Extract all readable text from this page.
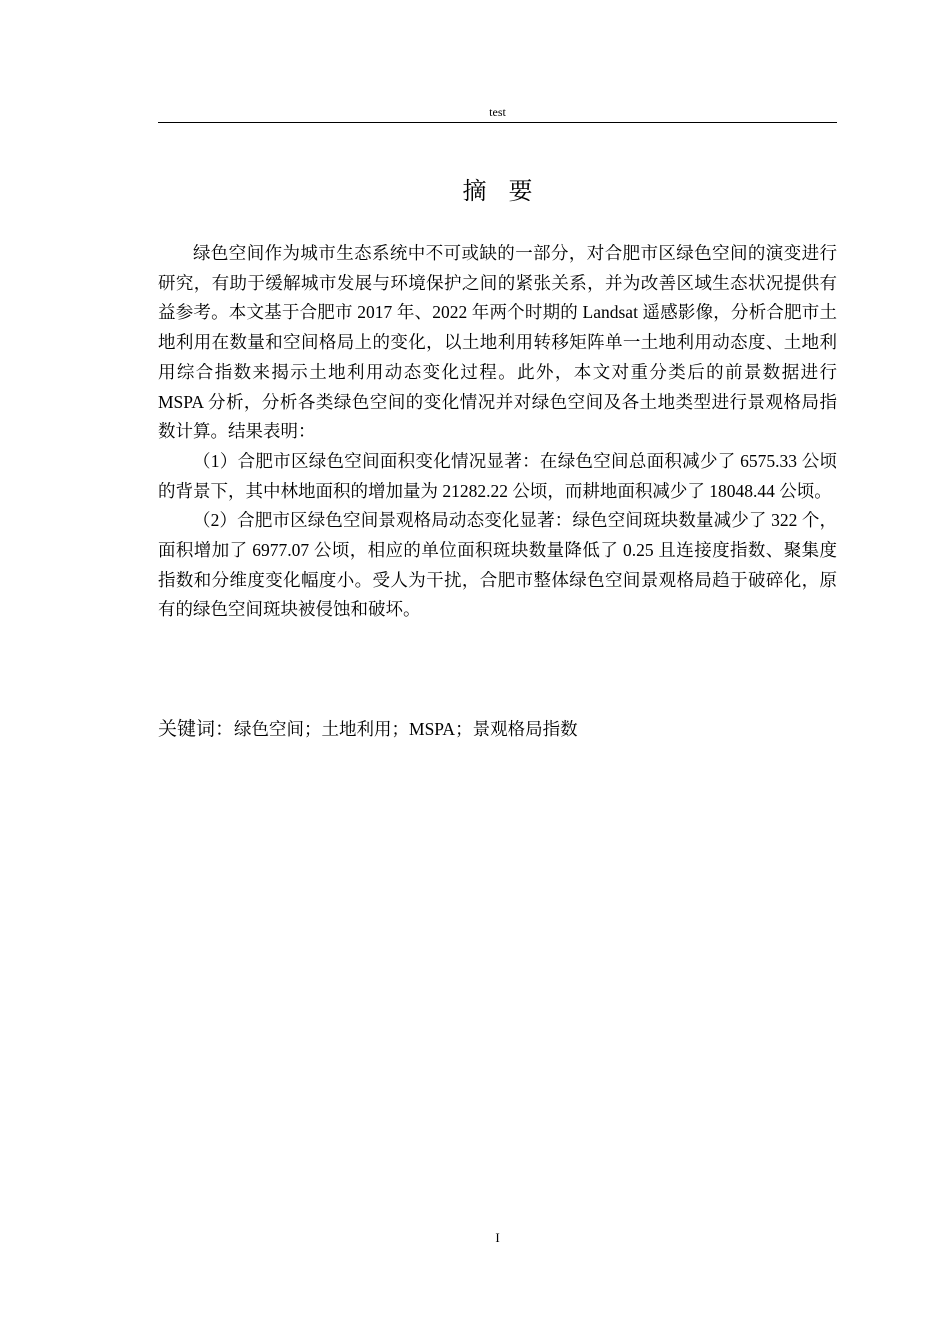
test
摘要

绿色空间作为城市生态系统中不可或缺的一部分，对合肥市区绿色空间的演变进行研究，有助于缓解城市发展与环境保护之间的紧张关系，并为改善区域生态状况提供有益参考。本文基于合肥市 2017 年、2022 年两个时期的 Landsat 遥感影像，分析合肥市土地利用在数量和空间格局上的变化，以土地利用转移矩阵单一土地利用动态度、土地利用综合指数来揭示土地利用动态变化过程。此外，本文对重分类后的前景数据进行 MSPA 分析，分析各类绿色空间的变化情况并对绿色空间及各土地类型进行景观格局指数计算。结果表明：

（1）合肥市区绿色空间面积变化情况显著：在绿色空间总面积减少了 6575.33 公顷的背景下，其中林地面积的增加量为 21282.22 公顷，而耕地面积减少了 18048.44 公顷。

（2）合肥市区绿色空间景观格局动态变化显著：绿色空间斑块数量减少了 322 个，面积增加了 6977.07 公顷，相应的单位面积斑块数量降低了 0.25 且连接度指数、聚集度指数和分维度变化幅度小。受人为干扰，合肥市整体绿色空间景观格局趋于破碎化，原有的绿色空间斑块被侵蚀和破坏。

关键词：绿色空间；土地利用；MSPA；景观格局指数
I
